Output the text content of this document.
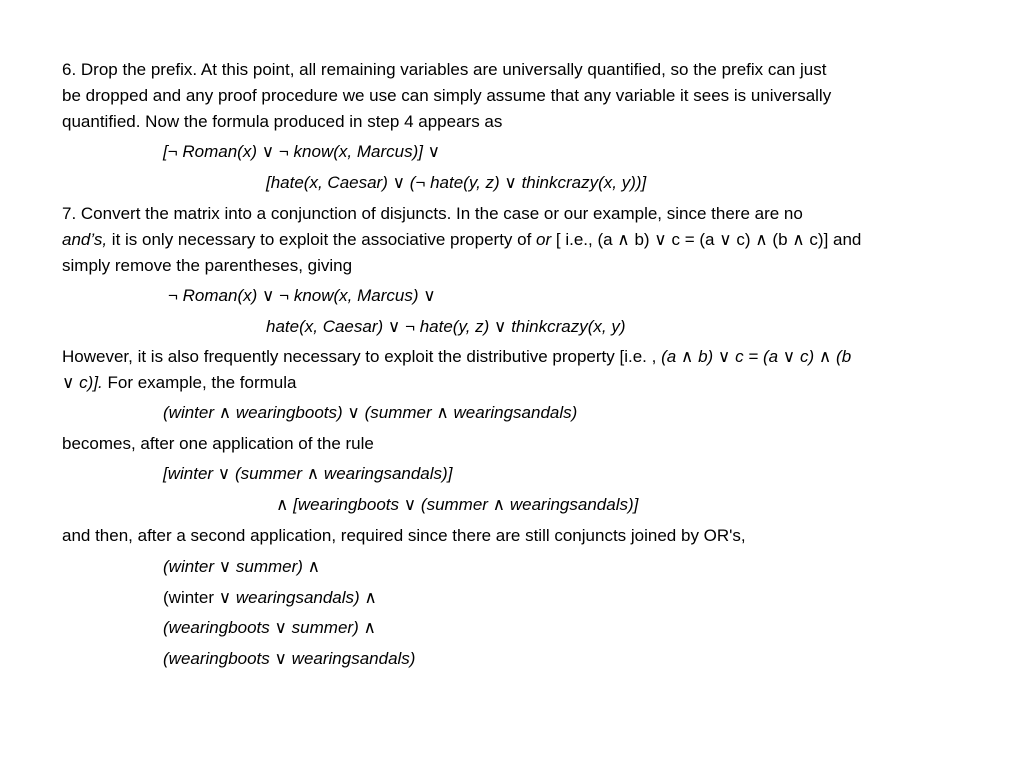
6. Drop the prefix. At this point, all remaining variables are universally quantified, so the prefix can just
be dropped and any proof procedure we use can simply assume that any variable it sees is universally
quantified. Now the formula produced in step 4 appears as
[¬ Roman(x) ∨ ¬ know(x, Marcus)] ∨
[hate(x, Caesar) ∨ (¬ hate(y, z) ∨ thinkcrazy(x, y))]
7. Convert the matrix into a conjunction of disjuncts. In the case or our example, since there are no
and’s, it is only necessary to exploit the associative property of or [ i.e., (a ∧ b) ∨ c = (a ∨ c) ∧ (b ∧ c)] and
simply remove the parentheses, giving
¬ Roman(x) ∨ ¬ know(x, Marcus) ∨
hate(x, Caesar) ∨ ¬ hate(y, z) ∨ thinkcrazy(x, y)
However, it is also frequently necessary to exploit the distributive property [i.e. , (a ∧ b) ∨ c = (a ∨ c) ∧ (b
∨ c)]. For example, the formula
(winter ∧ wearingboots) ∨ (summer ∧ wearingsandals)
becomes, after one application of the rule
[winter ∨ (summer ∧ wearingsandals)]
∧ [wearingboots ∨ (summer ∧ wearingsandals)]
and then, after a second application, required since there are still conjuncts joined by OR's,
(winter ∨ summer) ∧
(winter ∨ wearingsandals) ∧
(wearingboots ∨ summer) ∧
(wearingboots ∨ wearingsandals)
